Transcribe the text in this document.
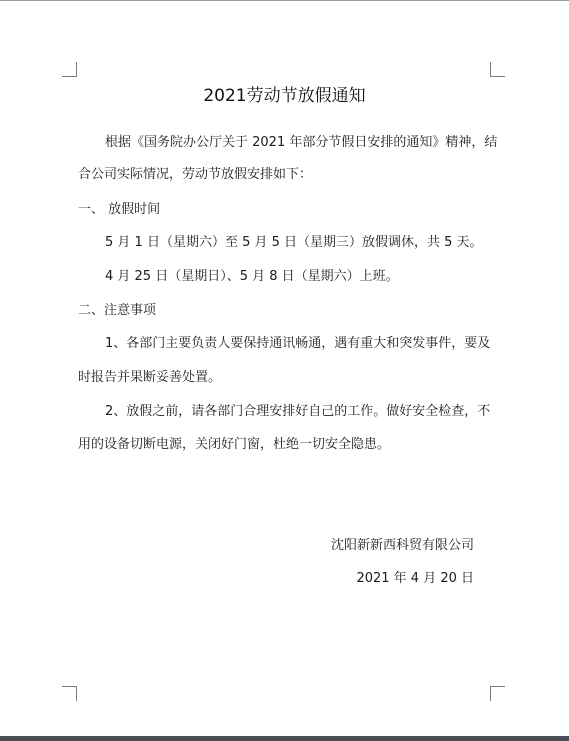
2021劳动节放假通知
根据《国务院办公厅关于 2021 年部分节假日安排的通知》精神，结
合公司实际情况，劳动节放假安排如下：
一、 放假时间
5 月 1 日（星期六）至 5 月 5 日（星期三）放假调休，共 5 天。
4 月 25 日（星期日）、5 月 8 日（星期六）上班。
二、注意事项
1、各部门主要负责人要保持通讯畅通，遇有重大和突发事件，要及
时报告并果断妥善处置。
2、放假之前，请各部门合理安排好自己的工作。做好安全检查，不
用的设备切断电源，关闭好门窗，杜绝一切安全隐患。
沈阳新新西科贸有限公司
2021 年 4 月 20 日
